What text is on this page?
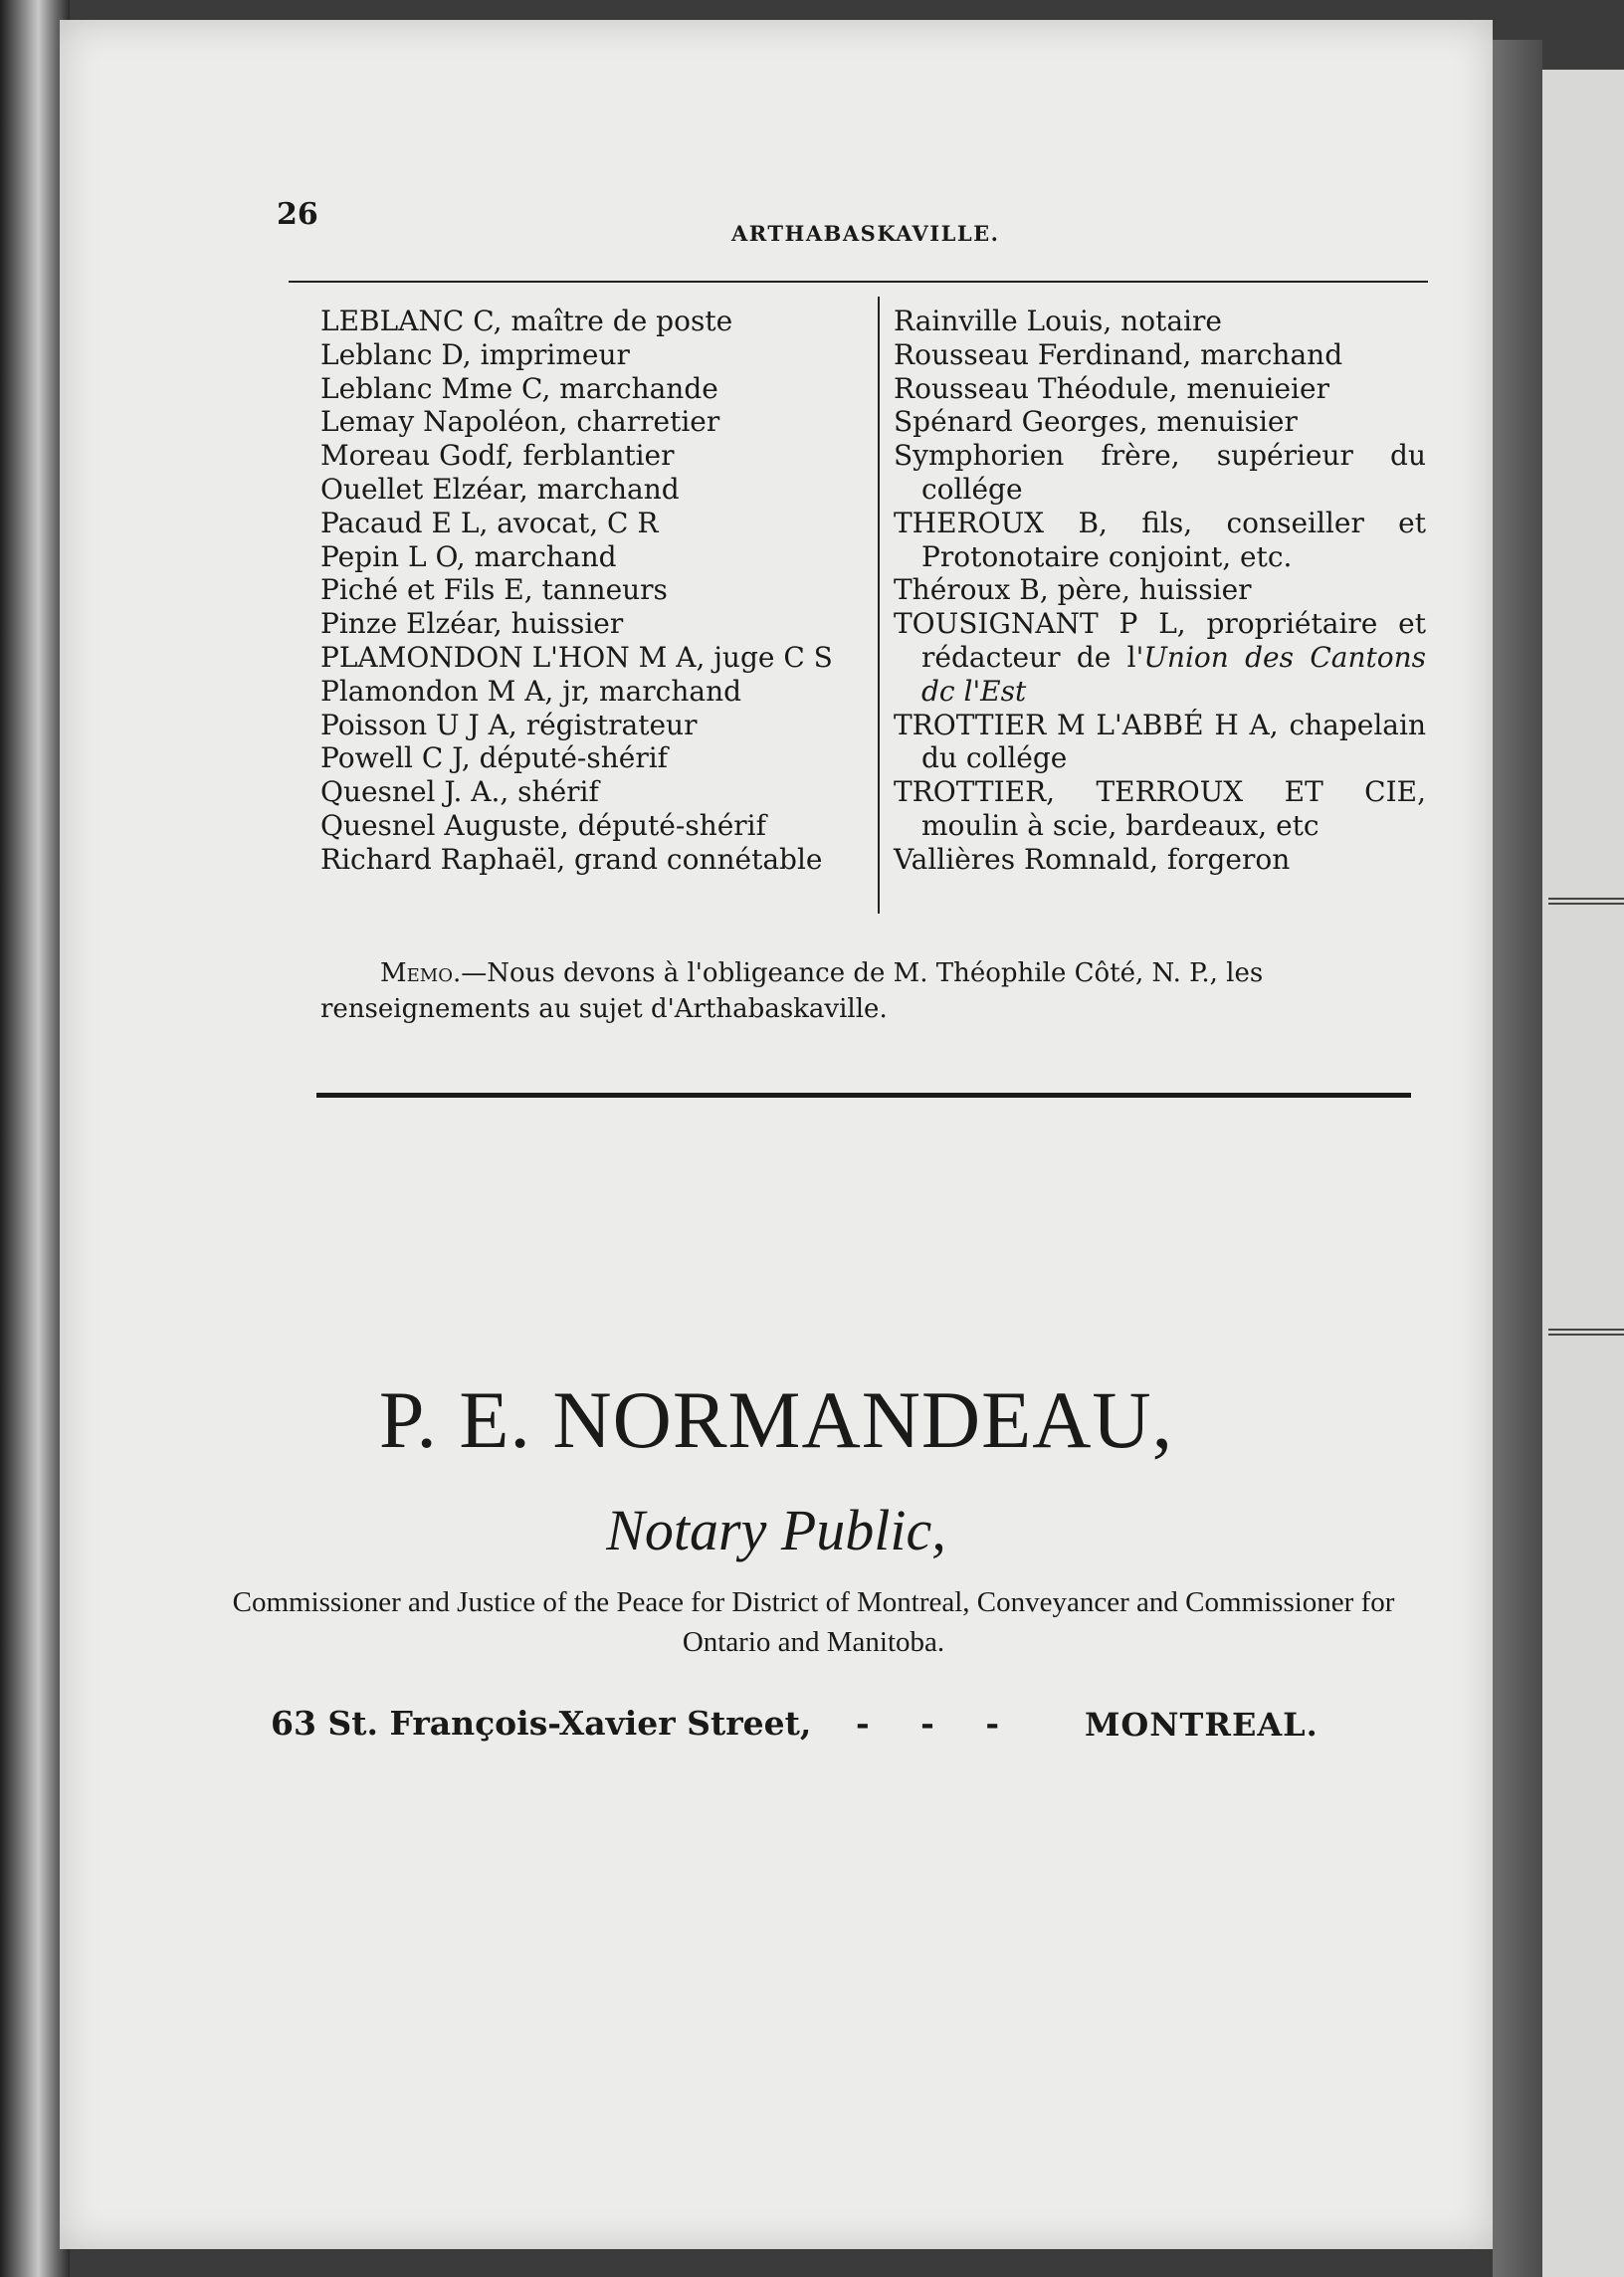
26
ARTHABASKAVILLE.
LEBLANC C, maître de poste
Leblanc D, imprimeur
Leblanc Mme C, marchande
Lemay Napoléon, charretier
Moreau Godf, ferblantier
Ouellet Elzéar, marchand
Pacaud E L, avocat, C R
Pepin L O, marchand
Piché et Fils E, tanneurs
Pinze Elzéar, huissier
PLAMONDON L'HON M A, juge C S
Plamondon M A, jr, marchand
Poisson U J A, régistrateur
Powell C J, député-shérif
Quesnel J. A., shérif
Quesnel Auguste, député-shérif
Richard Raphaël, grand connétable
Rainville Louis, notaire
Rousseau Ferdinand, marchand
Rousseau Théodule, menuieier
Spénard Georges, menuisier
Symphorien frère, supérieur du collége
THEROUX B, fils, conseiller et Protonotaire conjoint, etc.
Théroux B, père, huissier
TOUSIGNANT P L, propriétaire et rédacteur de l'Union des Cantons dc l'Est
TROTTIER M L'ABBÉ H A, chapelain du collége
TROTTIER, TERROUX ET CIE, moulin à scie, bardeaux, etc
Vallières Romnald, forgeron
Memo.—Nous devons à l'obligeance de M. Théophile Côté, N. P., les renseignements au sujet d'Arthabaskaville.
P. E. NORMANDEAU,
Notary Public,
Commissioner and Justice of the Peace for District of Montreal, Conveyancer and Commissioner for Ontario and Manitoba.
63 St. François-Xavier Street, - - -	MONTREAL.
